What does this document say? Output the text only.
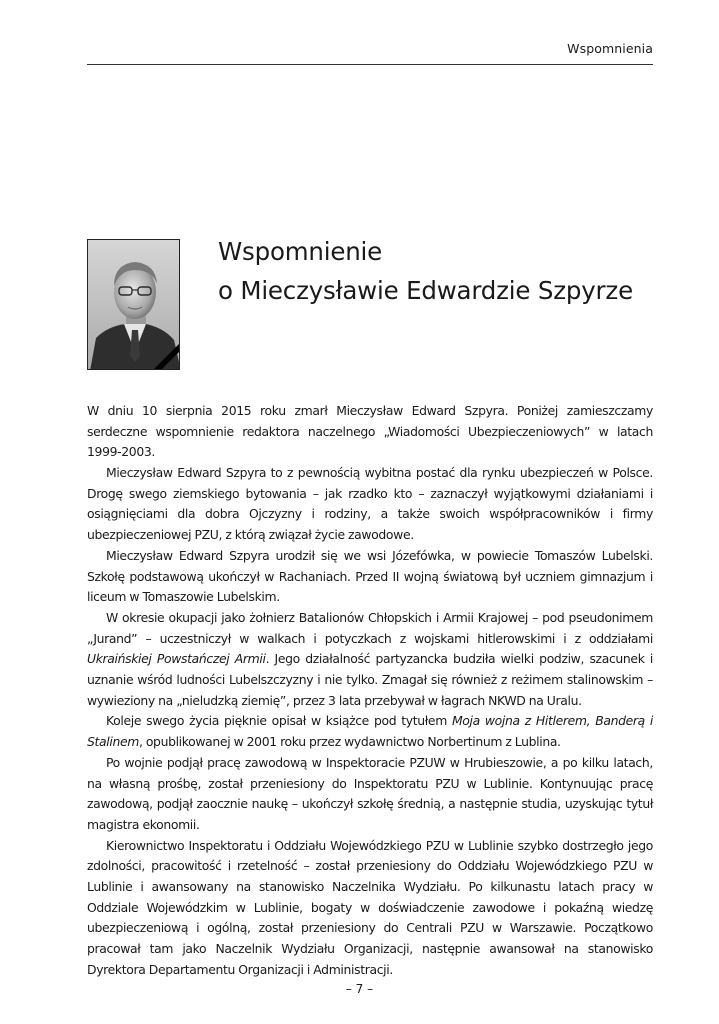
Wspomnienia
Wspomnienie
o Mieczysławie Edwardzie Szpyrze
W dniu 10 sierpnia 2015 roku zmarł Mieczysław Edward Szpyra. Poniżej zamieszczamy serdeczne wspomnienie redaktora naczelnego „Wiadomości Ubezpieczeniowych” w latach 1999-2003.

Mieczysław Edward Szpyra to z pewnością wybitna postać dla rynku ubezpieczeń w Polsce. Drogę swego ziemskiego bytowania – jak rzadko kto – zaznaczył wyjątkowymi działaniami i osiągnięciami dla dobra Ojczyzny i rodziny, a także swoich współpracowników i firmy ubezpieczeniowej PZU, z którą związał życie zawodowe.

Mieczysław Edward Szpyra urodził się we wsi Józefówka, w powiecie Tomaszów Lubelski. Szkołę podstawową ukończył w Rachaniach. Przed II wojną światową był uczniem gimnazjum i liceum w Tomaszowie Lubelskim.

W okresie okupacji jako żołnierz Batalionów Chłopskich i Armii Krajowej – pod pseudonimem „Jurand” – uczestniczył w walkach i potyczkach z wojskami hitlerowskimi i z oddziałami Ukraińskiej Powstańczej Armii. Jego działalność partyzancka budziła wielki podziw, szacunek i uznanie wśród ludności Lubelszczyzny i nie tylko. Zmagał się również z reżimem stalinowskim – wywieziony na „nieludzką ziemię”, przez 3 lata przebywał w łagrach NKWD na Uralu.

Koleje swego życia pięknie opisał w książce pod tytułem Moja wojna z Hitlerem, Banderą i Stalinem, opublikowanej w 2001 roku przez wydawnictwo Norbertinum z Lublina.

Po wojnie podjął pracę zawodową w Inspektoracie PZUW w Hrubieszowie, a po kilku latach, na własną prośbę, został przeniesiony do Inspektoratu PZU w Lublinie. Kontynuując pracę zawodową, podjął zaocznie naukę – ukończył szkołę średnią, a następnie studia, uzyskując tytuł magistra ekonomii.

Kierownictwo Inspektoratu i Oddziału Wojewódzkiego PZU w Lublinie szybko dostrzegło jego zdolności, pracowitość i rzetelność – został przeniesiony do Oddziału Wojewódzkiego PZU w Lublinie i awansowany na stanowisko Naczelnika Wydziału. Po kilkunastu latach pracy w Oddziale Wojewódzkim w Lublinie, bogaty w doświadczenie zawodowe i pokaźną wiedzę ubezpieczeniową i ogólną, został przeniesiony do Centrali PZU w Warszawie. Początkowo pracował tam jako Naczelnik Wydziału Organizacji, następnie awansował na stanowisko Dyrektora Departamentu Organizacji i Administracji.

– 7 –
